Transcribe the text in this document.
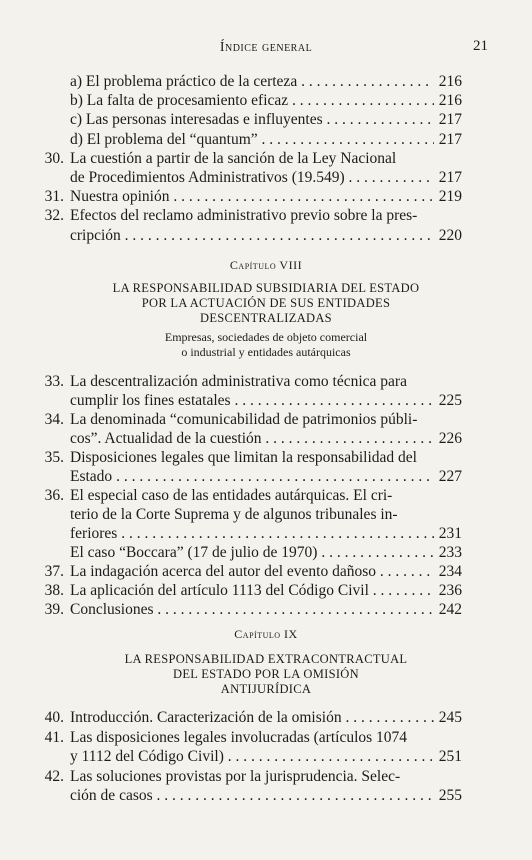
Índice general	21
a) El problema práctico de la certeza . . .	216
b) La falta de procesamiento eficaz . . .	216
c) Las personas interesadas e influyentes . . .	217
d) El problema del “quantum” . . .	217
30. La cuestión a partir de la sanción de la Ley Nacional
de Procedimientos Administrativos (19.549) . . .	217
31. Nuestra opinión . . .	219
32. Efectos del reclamo administrativo previo sobre la pres-
cripción . . .	220
Capítulo VIII
LA RESPONSABILIDAD SUBSIDIARIA DEL ESTADO
POR LA ACTUACIÓN DE SUS ENTIDADES
DESCENTRALIZADAS
Empresas, sociedades de objeto comercial
o industrial y entidades autárquicas
33. La descentralización administrativa como técnica para
cumplir los fines estatales . . .	225
34. La denominada “comunicabilidad de patrimonios públi-
cos”. Actualidad de la cuestión . . .	226
35. Disposiciones legales que limitan la responsabilidad del
Estado . . .	227
36. El especial caso de las entidades autárquicas. El cri-
terio de la Corte Suprema y de algunos tribunales in-
feriores . . .	231
El caso “Boccara” (17 de julio de 1970) . . .	233
37. La indagación acerca del autor del evento dañoso . . .	234
38. La aplicación del artículo 1113 del Código Civil . . .	236
39. Conclusiones . . .	242
Capítulo IX
LA RESPONSABILIDAD EXTRACONTRACTUAL
DEL ESTADO POR LA OMISIÓN
ANTIJURÍDICA
40. Introducción. Caracterización de la omisión . . .	245
41. Las disposiciones legales involucradas (artículos 1074
y 1112 del Código Civil) . . .	251
42. Las soluciones provistas por la jurisprudencia. Selec-
ción de casos . . .	255
